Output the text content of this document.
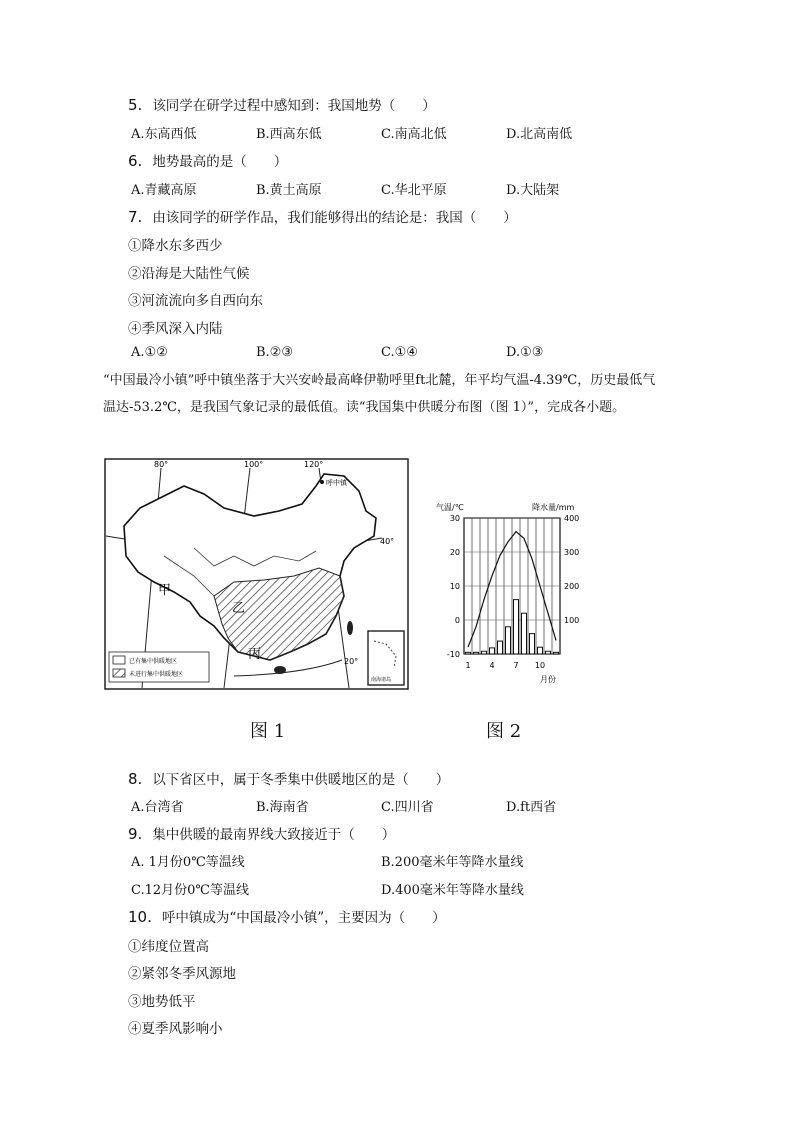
5. 该同学在研学过程中感知到：我国地势（　　）
A.东高西低	B.西高东低	C.南高北低	D.北高南低
6. 地势最高的是（　　）
A.青藏高原	B.黄土高原	C.华北平原	D.大陆架
7. 由该同学的研学作品，我们能够得出的结论是：我国（　　）
①降水东多西少
②沿海是大陆性气候
③河流流向多自西向东
④季风深入内陆
A.①②	B.②③	C.①④	D.①③
“中国最冷小镇”呼中镇坐落于大兴安岭最高峰伊勒呼里ft北麓，年平均气温-4.39℃，历史最低气
温达-53.2℃，是我国气象记录的最低值。读“我国集中供暖分布图（图 1）”，完成各小题。
80°	100°	120°
40°
20°
呼中镇
甲
乙
丙
已有集中供暖地区
未进行集中供暖地区
南海诸岛
图 1
气温/℃	降水量/mm
30
20
10
0
-10
400
300
200
100
1 4 7 10
月份
图 2
8. 以下省区中，属于冬季集中供暖地区的是（　　）
A.台湾省	B.海南省	C.四川省	D.ft西省
9. 集中供暖的最南界线大致接近于（　　）
A. 1月份0℃等温线	B.200毫米年等降水量线
C.12月份0℃等温线	D.400毫米年等降水量线
10. 呼中镇成为“中国最冷小镇”，主要因为（　　）
①纬度位置高
②紧邻冬季风源地
③地势低平
④夏季风影响小
